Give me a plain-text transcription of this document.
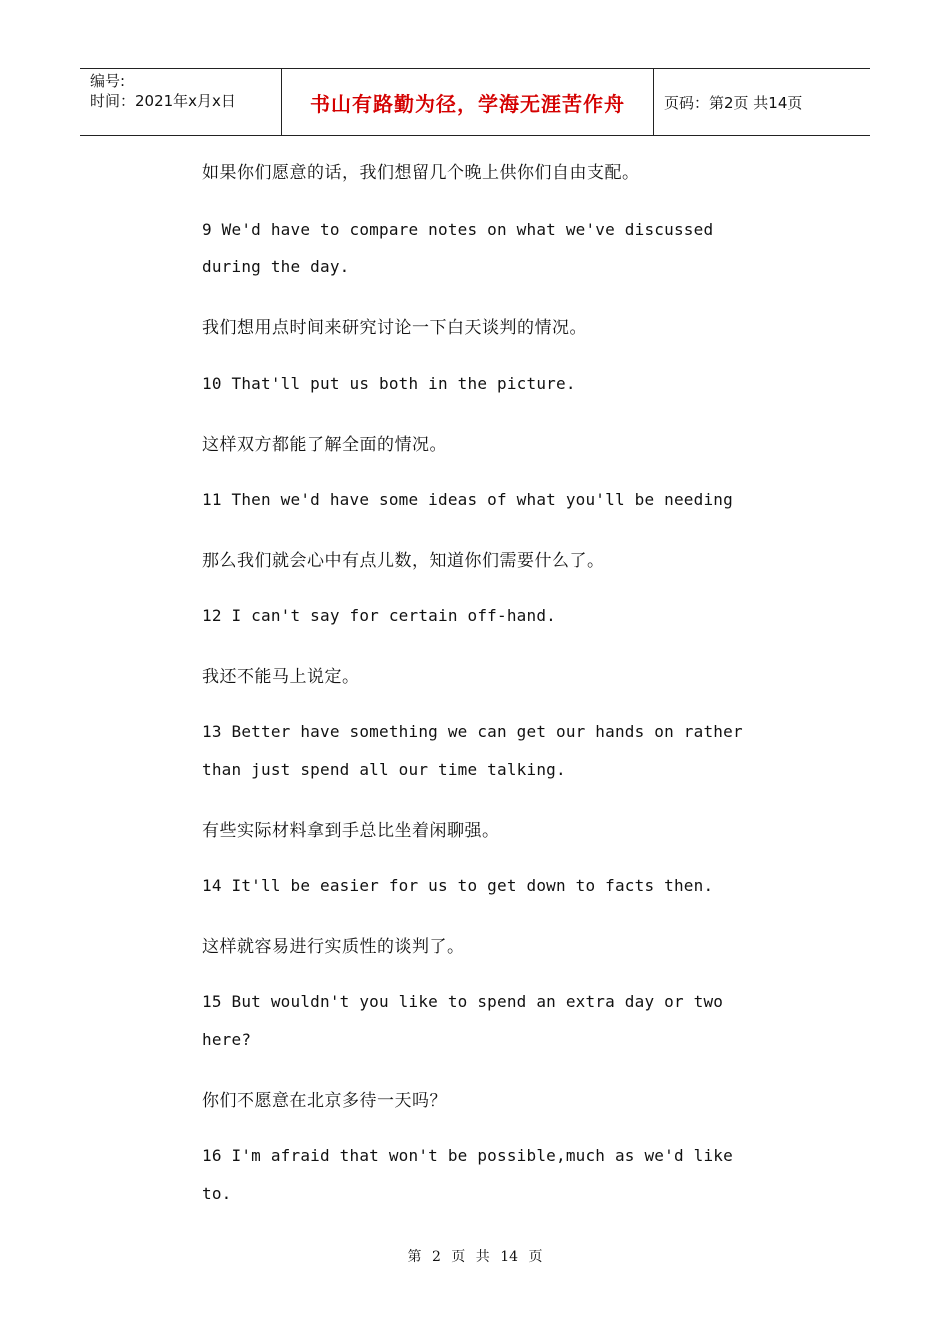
编号:
时间：2021年x月x日	书山有路勤为径，学海无涯苦作舟	页码：第2页 共14页
如果你们愿意的话，我们想留几个晚上供你们自由支配。
9 We'd have to compare notes on what we've discussed
during the day.
我们想用点时间来研究讨论一下白天谈判的情况。
10 That'll put us both in the picture.
这样双方都能了解全面的情况。
11 Then we'd have some ideas of what you'll be needing
那么我们就会心中有点儿数，知道你们需要什么了。
12 I can't say for certain off-hand.
我还不能马上说定。
13 Better have something we can get our hands on rather
than just spend all our time talking.
有些实际材料拿到手总比坐着闲聊强。
14 It'll be easier for us to get down to facts then.
这样就容易进行实质性的谈判了。
15 But wouldn't you like to spend an extra day or two
here?
你们不愿意在北京多待一天吗？
16 I'm afraid that won't be possible,much as we'd like
to.
第 2 页 共 14 页
